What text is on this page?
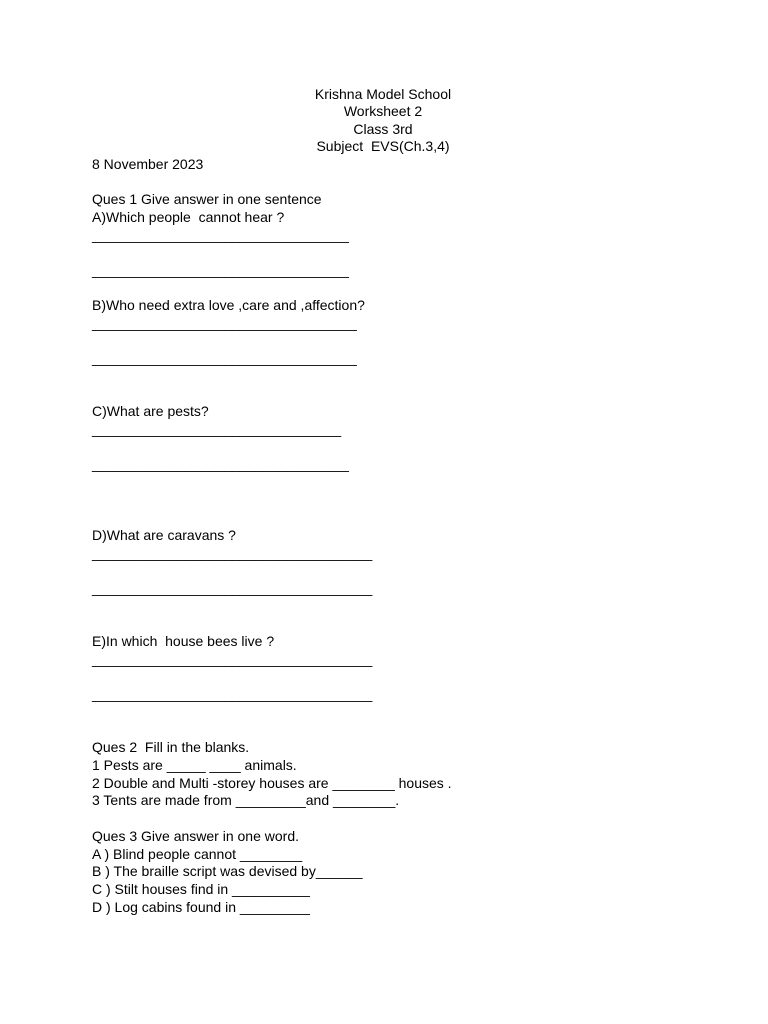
Krishna Model School
Worksheet 2
Class 3rd
Subject  EVS(Ch.3,4)
8 November 2023
Ques 1 Give answer in one sentence
A)Which people  cannot hear ?
_________________________________
_________________________________
B)Who need extra love ,care and ,affection?
__________________________________
__________________________________
C)What are pests?
________________________________
_________________________________
D)What are caravans ?
____________________________________
____________________________________
E)In which  house bees live ?
____________________________________
____________________________________
Ques 2  Fill in the blanks.
1 Pests are _____ ____ animals.
2 Double and Multi -storey houses are ________ houses .
3 Tents are made from _________and ________.
Ques 3 Give answer in one word.
A ) Blind people cannot ________
B ) The braille script was devised by______
C ) Stilt houses find in __________
D ) Log cabins found in _________
